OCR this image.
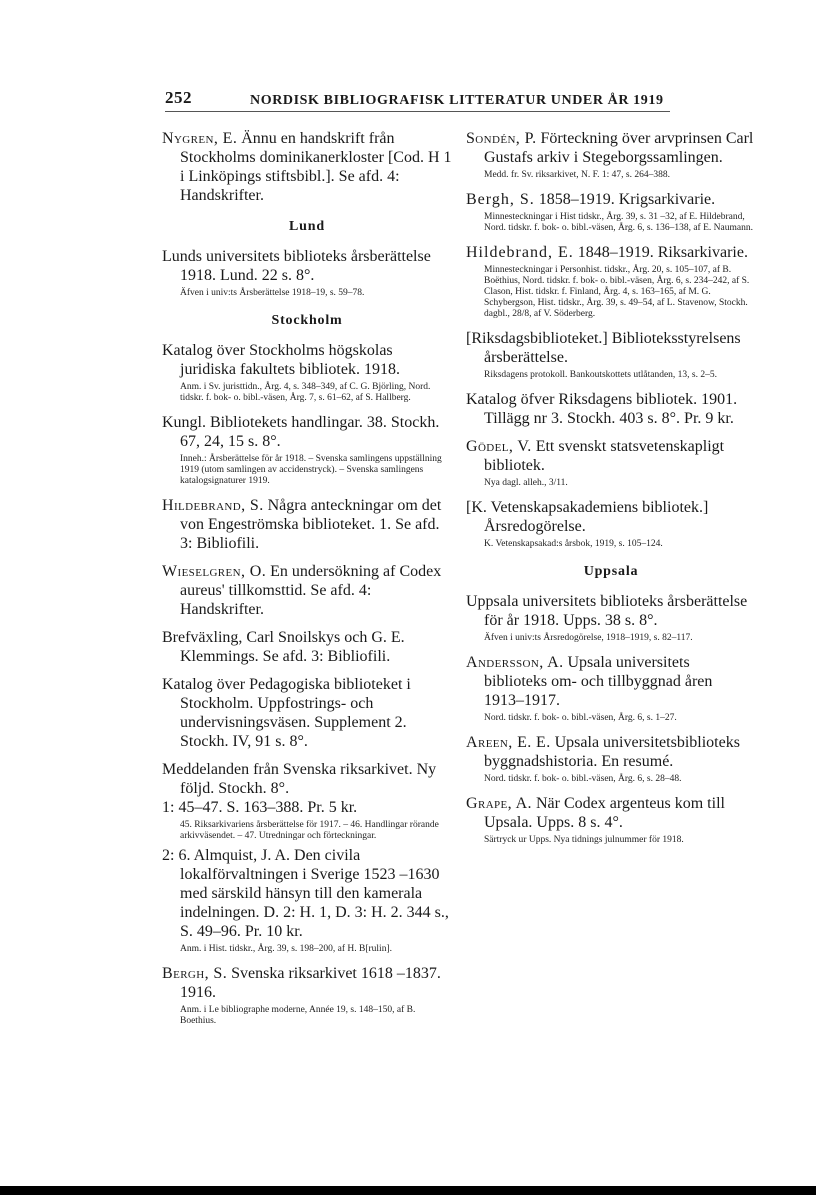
252	NORDISK BIBLIOGRAFISK LITTERATUR UNDER ÅR 1919
Nygren, E. Ännu en handskrift från Stockholms dominikanerkloster [Cod. H 1 i Linköpings stiftsbibl.]. Se afd. 4: Handskrifter.
Lund
Lunds universitets biblioteks årsberättelse 1918. Lund. 22 s. 8°.
Äfven i univ:ts Årsberättelse 1918–19, s. 59–78.
Stockholm
Katalog över Stockholms högskolas juridiska fakultets bibliotek. 1918.
Anm. i Sv. juristtidn., Årg. 4, s. 348–349, af C. G. Björling, Nord. tidskr. f. bok- o. bibl.-väsen, Årg. 7, s. 61–62, af S. Hallberg.
Kungl. Bibliotekets handlingar. 38. Stockh. 67, 24, 15 s. 8°.
Inneh.: Årsberättelse för år 1918. – Svenska samlingens uppställning 1919 (utom samlingen av accidenstryck). – Svenska samlingens katalogsignaturer 1919.
Hildebrand, S. Några anteckningar om det von Engeströmska biblioteket. 1. Se afd. 3: Bibliofili.
Wieselgren, O. En undersökning af Codex aureus' tillkomsttid. Se afd. 4: Handskrifter.
Brefväxling, Carl Snoilskys och G. E. Klemmings. Se afd. 3: Bibliofili.
Katalog över Pedagogiska biblioteket i Stockholm. Uppfostrings- och undervisningsväsen. Supplement 2. Stockh. IV, 91 s. 8°.
Meddelanden från Svenska riksarkivet. Ny följd. Stockh. 8°.
1: 45–47. S. 163–388. Pr. 5 kr.
45. Riksarkivariens årsberättelse för 1917. – 46. Handlingar rörande arkivväsendet. – 47. Utredningar och förteckningar.
2: 6. Almquist, J. A. Den civila lokalförvaltningen i Sverige 1523 –1630 med särskild hänsyn till den kamerala indelningen. D. 2: H. 1, D. 3: H. 2. 344 s., S. 49–96. Pr. 10 kr.
Anm. i Hist. tidskr., Årg. 39, s. 198–200, af H. B[rulin].
Bergh, S. Svenska riksarkivet 1618 –1837. 1916.
Anm. i Le bibliographe moderne, Année 19, s. 148–150, af B. Boethius.
Sondén, P. Förteckning över arvprinsen Carl Gustafs arkiv i Stegeborgssamlingen.
Medd. fr. Sv. riksarkivet, N. F. 1: 47, s. 264–388.
Bergh, S. 1858–1919. Krigsarkivarie.
Minnesteckningar i Hist tidskr., Årg. 39, s. 31 –32, af E. Hildebrand, Nord. tidskr. f. bok- o. bibl.-väsen, Årg. 6, s. 136–138, af E. Naumann.
Hildebrand, E. 1848–1919. Riksarkivarie.
Minnesteckningar i Personhist. tidskr., Årg. 20, s. 105–107, af B. Boëthius, Nord. tidskr. f. bok- o. bibl.-väsen, Årg. 6, s. 234–242, af S. Clason, Hist. tidskr. f. Finland, Årg. 4, s. 163–165, af M. G. Schybergson, Hist. tidskr., Årg. 39, s. 49–54, af L. Stavenow, Stockh. dagbl., 28/8, af V. Söderberg.
[Riksdagsbiblioteket.] Biblioteksstyrelsens årsberättelse.
Riksdagens protokoll. Bankoutskottets utlåtanden, 13, s. 2–5.
Katalog öfver Riksdagens bibliotek. 1901. Tillägg nr 3. Stockh. 403 s. 8°. Pr. 9 kr.
Gödel, V. Ett svenskt statsvetenskapligt bibliotek.
Nya dagl. alleh., 3/11.
[K. Vetenskapsakademiens bibliotek.] Årsredogörelse.
K. Vetenskapsakad:s årsbok, 1919, s. 105–124.
Uppsala
Uppsala universitets biblioteks årsberättelse för år 1918. Upps. 38 s. 8°.
Äfven i univ:ts Årsredogörelse, 1918–1919, s. 82–117.
Andersson, A. Upsala universitets biblioteks om- och tillbyggnad åren 1913–1917.
Nord. tidskr. f. bok- o. bibl.-väsen, Årg. 6, s. 1–27.
Areen, E. E. Upsala universitetsbiblioteks byggnadshistoria. En resumé.
Nord. tidskr. f. bok- o. bibl.-väsen, Årg. 6, s. 28–48.
Grape, A. När Codex argenteus kom till Upsala. Upps. 8 s. 4°.
Särtryck ur Upps. Nya tidnings julnummer för 1918.
